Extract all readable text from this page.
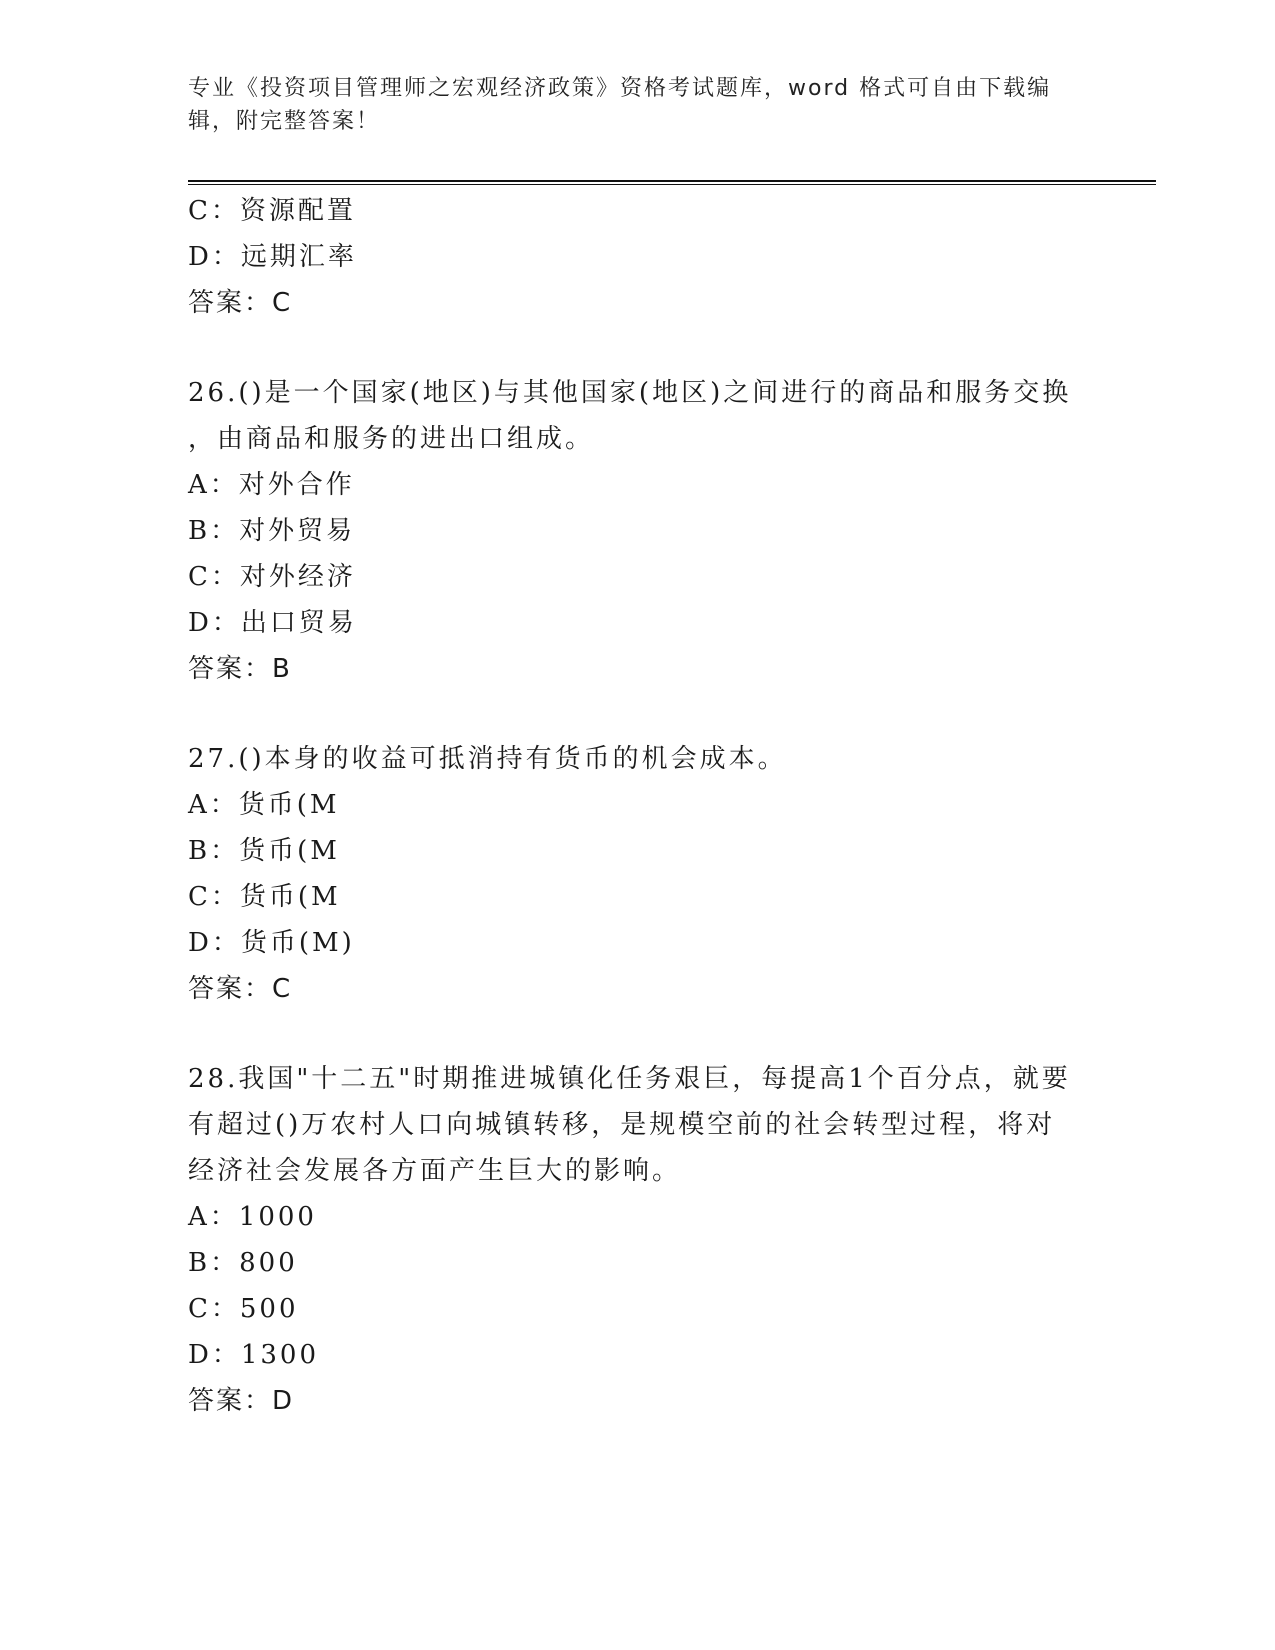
专业《投资项目管理师之宏观经济政策》资格考试题库，word 格式可自由下载编
辑，附完整答案！
C：资源配置
D：远期汇率
答案：C
26.()是一个国家(地区)与其他国家(地区)之间进行的商品和服务交换
，由商品和服务的进出口组成。
A：对外合作
B：对外贸易
C：对外经济
D：出口贸易
答案：B
27.()本身的收益可抵消持有货币的机会成本。
A：货币(M
B：货币(M
C：货币(M
D：货币(M)
答案：C
28.我国"十二五"时期推进城镇化任务艰巨，每提高1个百分点，就要
有超过()万农村人口向城镇转移，是规模空前的社会转型过程，将对
经济社会发展各方面产生巨大的影响。
A：1000
B：800
C：500
D：1300
答案：D
